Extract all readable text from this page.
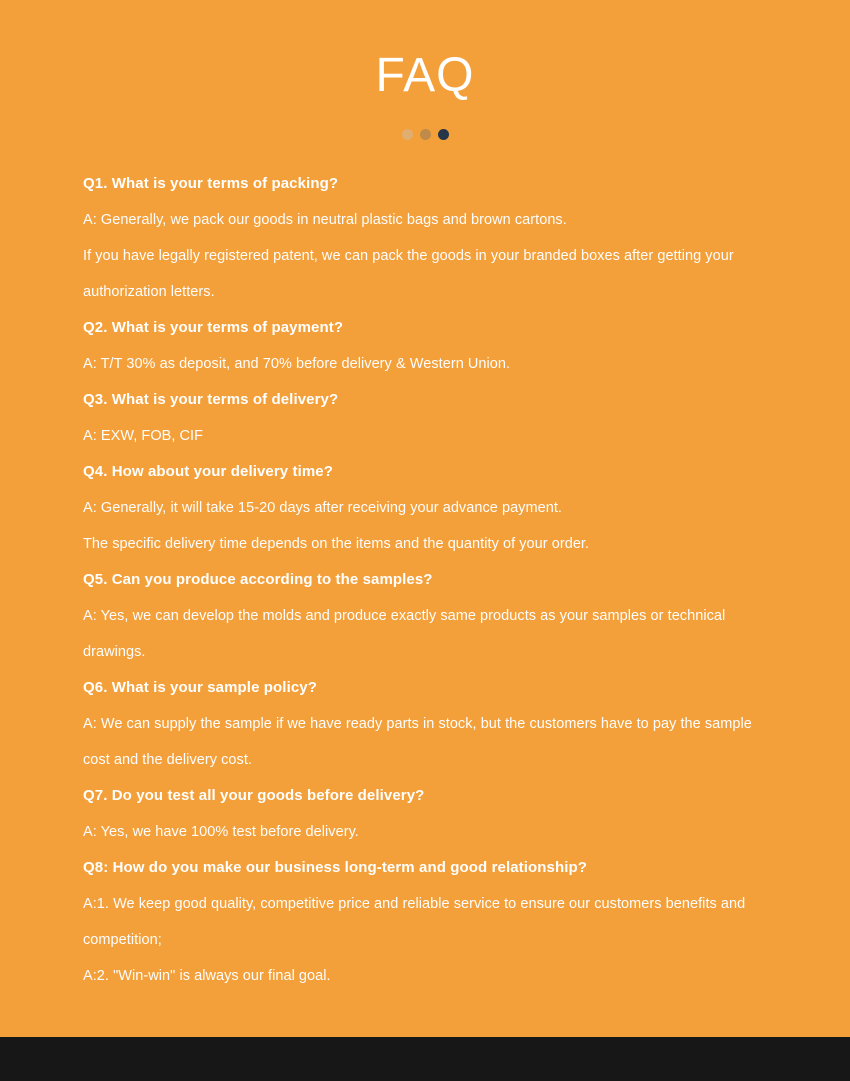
FAQ

Q1. What is your terms of packing?

A: Generally, we pack our goods in neutral plastic bags and brown cartons.

If you have legally registered patent, we can pack the goods in your branded boxes after getting your authorization letters.

Q2. What is your terms of payment?

A: T/T 30% as deposit, and 70% before delivery & Western Union.

Q3. What is your terms of delivery?

A: EXW, FOB, CIF

Q4. How about your delivery time?

A: Generally, it will take 15-20 days after receiving your advance payment.

The specific delivery time depends on the items and the quantity of your order.

Q5. Can you produce according to the samples?

A: Yes, we can develop the molds and produce exactly same products as your samples or technical drawings.

Q6. What is your sample policy?

A: We can supply the sample if we have ready parts in stock, but the customers have to pay the sample cost and the delivery cost.

Q7. Do you test all your goods before delivery?

A: Yes, we have 100% test before delivery.

Q8: How do you make our business long-term and good relationship?

A:1. We keep good quality, competitive price and reliable service to ensure our customers benefits and competition;

A:2. "Win-win" is always our final goal.
